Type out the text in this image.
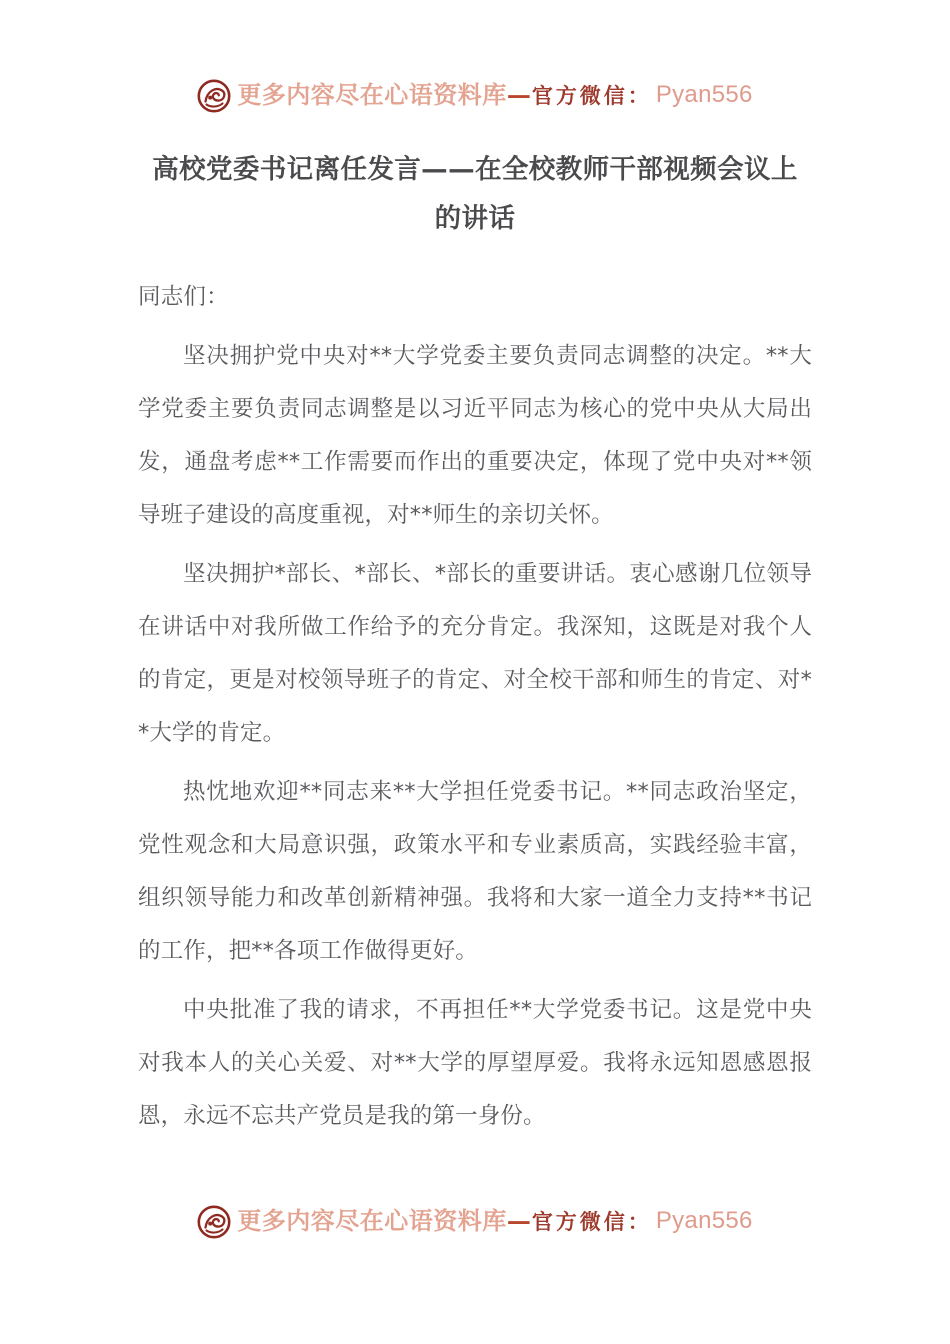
更多内容尽在心语资料库 — 官方微信： Pyan556
高校党委书记离任发言——在全校教师干部视频会议上的讲话

同志们：

坚决拥护党中央对**大学党委主要负责同志调整的决定。**大学党委主要负责同志调整是以习近平同志为核心的党中央从大局出发，通盘考虑**工作需要而作出的重要决定，体现了党中央对**领导班子建设的高度重视，对**师生的亲切关怀。

坚决拥护*部长、*部长、*部长的重要讲话。衷心感谢几位领导在讲话中对我所做工作给予的充分肯定。我深知，这既是对我个人的肯定，更是对校领导班子的肯定、对全校干部和师生的肯定、对**大学的肯定。

热忱地欢迎**同志来**大学担任党委书记。**同志政治坚定，党性观念和大局意识强，政策水平和专业素质高，实践经验丰富，组织领导能力和改革创新精神强。我将和大家一道全力支持**书记的工作，把**各项工作做得更好。

中央批准了我的请求，不再担任**大学党委书记。这是党中央对我本人的关心关爱、对**大学的厚望厚爱。我将永远知恩感恩报恩，永远不忘共产党员是我的第一身份。

更多内容尽在心语资料库 — 官方微信： Pyan556
